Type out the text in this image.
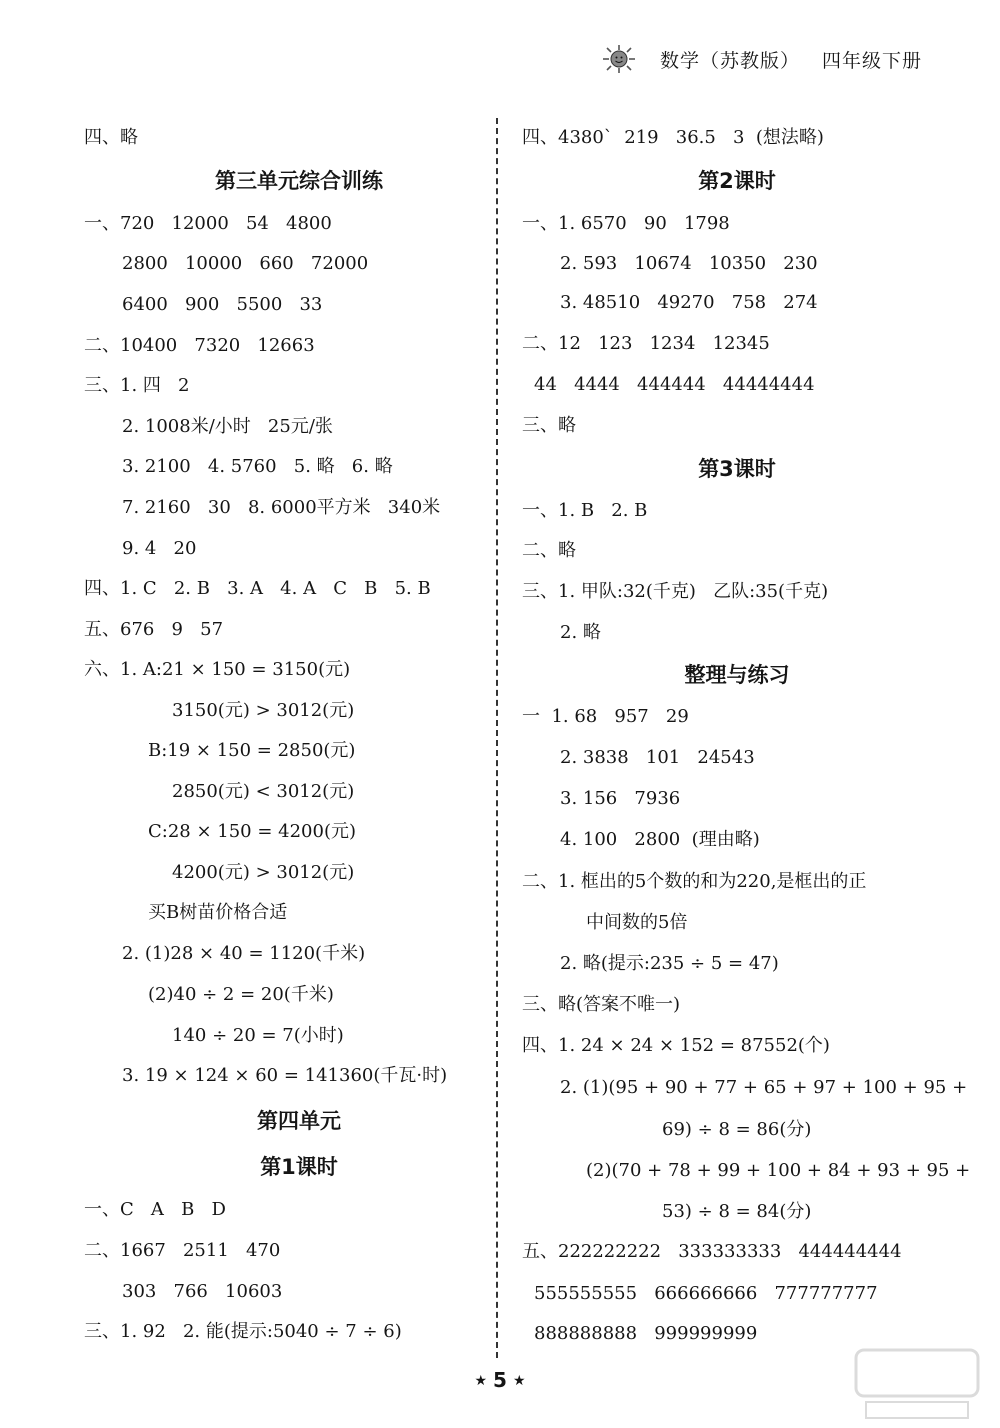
数学（苏教版） 四年级下册
四、略
第三单元综合训练
一、720   12000   54   4800
2800   10000   660   72000
6400   900   5500   33
二、10400   7320   12663
三、1. 四   2
2. 1008米/小时   25元/张
3. 2100   4. 5760   5. 略   6. 略
7. 2160   30   8. 6000平方米   340米
9. 4   20
四、1. C   2. B   3. A   4. A   C   B   5. B
五、676   9   57
六、1. A:21 × 150 = 3150(元)
3150(元) > 3012(元)
B:19 × 150 = 2850(元)
2850(元) < 3012(元)
C:28 × 150 = 4200(元)
4200(元) > 3012(元)
买B树苗价格合适
2. (1)28 × 40 = 1120(千米)
(2)40 ÷ 2 = 20(千米)
140 ÷ 20 = 7(小时)
3. 19 × 124 × 60 = 141360(千瓦·时)
第四单元
第1课时
一、C   A   B   D
二、1667   2511   470
303   766   10603
三、1. 92   2. 能(提示:5040 ÷ 7 ÷ 6)
四、4380`  219   36.5   3  (想法略)
第2课时
一、1. 6570   90   1798
2. 593   10674   10350   230
3. 48510   49270   758   274
二、12   123   1234   12345
44   4444   444444   44444444
三、略
第3课时
一、1. B   2. B
二、略
三、1. 甲队:32(千克)   乙队:35(千克)
2. 略
整理与练习
一  1. 68   957   29
2. 3838   101   24543
3. 156   7936
4. 100   2800  (理由略)
二、1. 框出的5个数的和为220,是框出的正
中间数的5倍
2. 略(提示:235 ÷ 5 = 47)
三、略(答案不唯一)
四、1. 24 × 24 × 152 = 87552(个)
2. (1)(95 + 90 + 77 + 65 + 97 + 100 + 95 +
69) ÷ 8 = 86(分)
(2)(70 + 78 + 99 + 100 + 84 + 93 + 95 +
53) ÷ 8 = 84(分)
五、222222222   333333333   444444444
555555555   666666666   777777777
888888888   999999999
★ 5 ★
